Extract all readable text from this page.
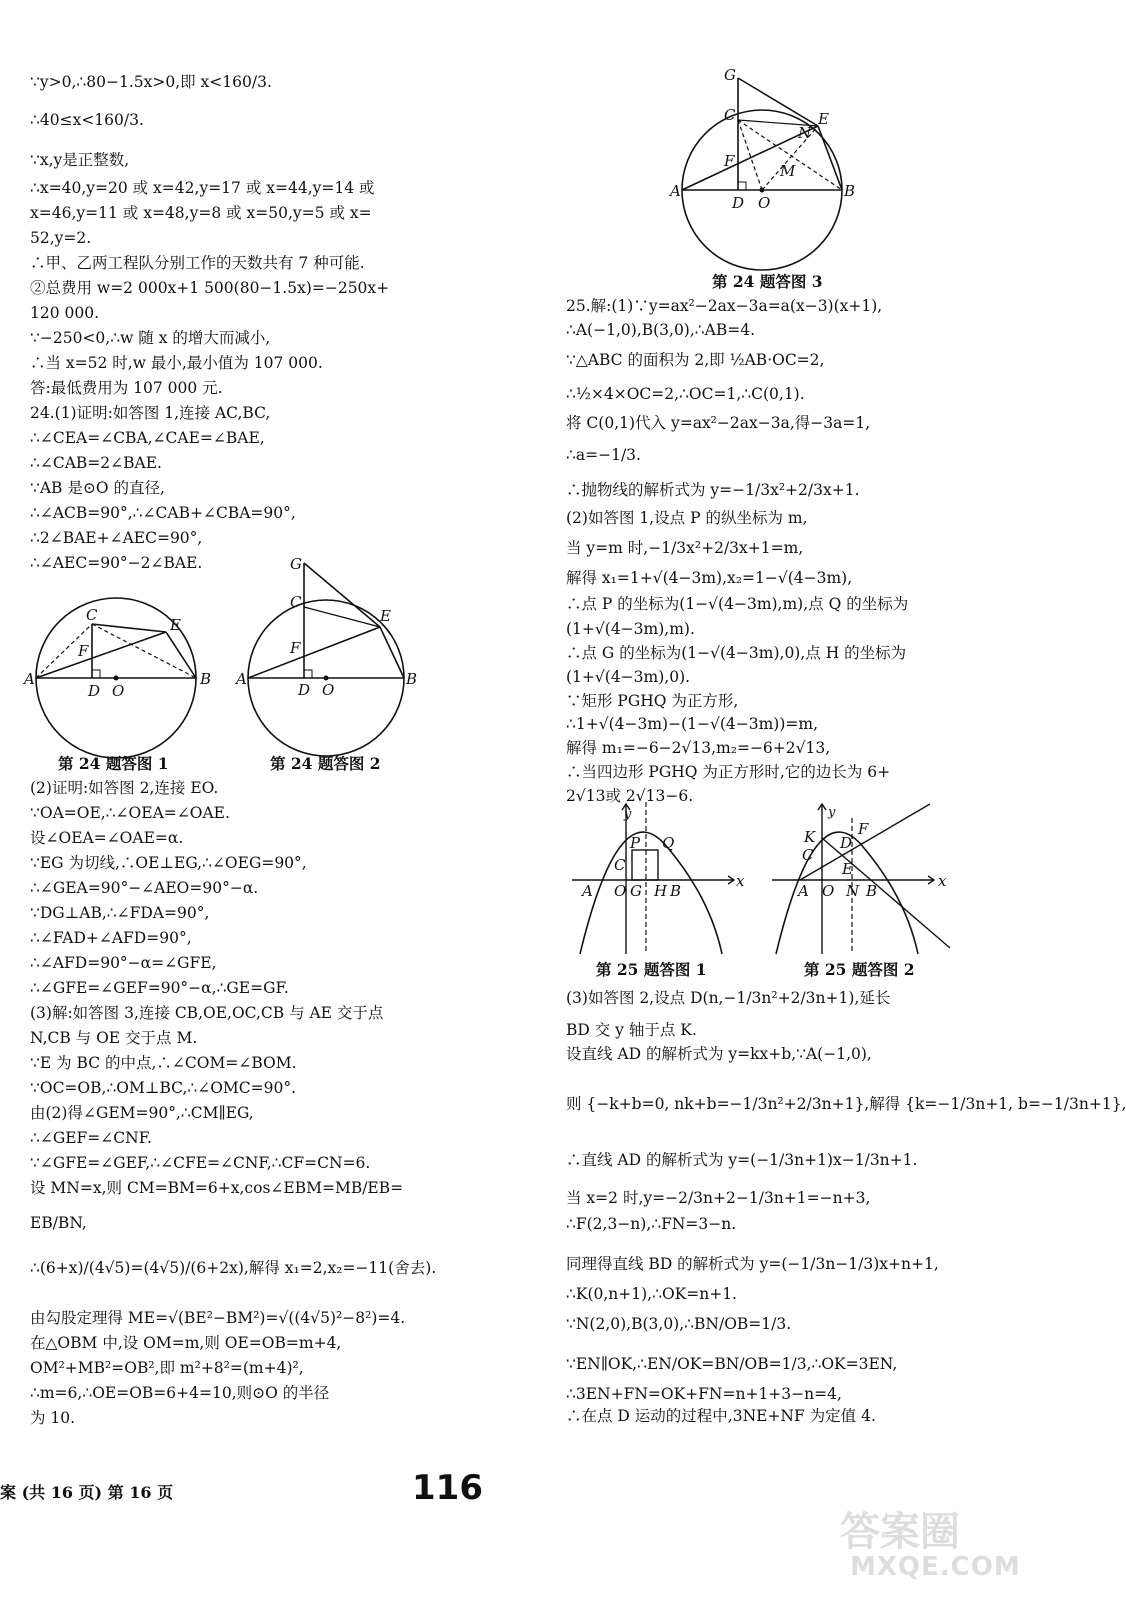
∵y>0,∴80−1.5x>0,即 x<160/3.
∴40≤x<160/3.
∵x,y是正整数,
∴x=40,y=20 或 x=42,y=17 或 x=44,y=14 或
x=46,y=11 或 x=48,y=8 或 x=50,y=5 或 x=
52,y=2.
∴甲、乙两工程队分别工作的天数共有 7 种可能.
②总费用 w=2 000x+1 500(80−1.5x)=−250x+
120 000.
∵−250<0,∴w 随 x 的增大而减小,
∴当 x=52 时,w 最小,最小值为 107 000.
答:最低费用为 107 000 元.
24.(1)证明:如答图 1,连接 AC,BC,
∴∠CEA=∠CBA,∠CAE=∠BAE,
∴∠CAB=2∠BAE.
∵AB 是⊙O 的直径,
∴∠ACB=90°,∴∠CAB+∠CBA=90°,
∴2∠BAE+∠AEC=90°,
∴∠AEC=90°−2∠BAE.
A	B
C
E
F
D O
第 24 题答图 1
G
C
E
F
A	B
D O
第 24 题答图 2
(2)证明:如答图 2,连接 EO.
∵OA=OE,∴∠OEA=∠OAE.
设∠OEA=∠OAE=α.
∵EG 为切线,∴OE⊥EG,∴∠OEG=90°,
∴∠GEA=90°−∠AEO=90°−α.
∵DG⊥AB,∴∠FDA=90°,
∴∠FAD+∠AFD=90°,
∴∠AFD=90°−α=∠GFE,
∴∠GFE=∠GEF=90°−α,∴GE=GF.
(3)解:如答图 3,连接 CB,OE,OC,CB 与 AE 交于点
N,CB 与 OE 交于点 M.
∵E 为 BC 的中点,∴∠COM=∠BOM.
∵OC=OB,∴OM⊥BC,∴∠OMC=90°.
由(2)得∠GEM=90°,∴CM∥EG,
∴∠GEF=∠CNF.
∵∠GFE=∠GEF,∴∠CFE=∠CNF,∴CF=CN=6.
设 MN=x,则 CM=BM=6+x,cos∠EBM=MB/EB=
EB/BN,
∴(6+x)/(4√5)=(4√5)/(6+2x),解得 x₁=2,x₂=−11(舍去).
由勾股定理得 ME=√(BE²−BM²)=√((4√5)²−8²)=4.
在△OBM 中,设 OM=m,则 OE=OB=m+4,
OM²+MB²=OB²,即 m²+8²=(m+4)²,
∴m=6,∴OE=OB=6+4=10,则⊙O 的半径
为 10.
G
C	E
N
F
M
A	B
D O
第 24 题答图 3
25.解:(1)∵y=ax²−2ax−3a=a(x−3)(x+1),
∴A(−1,0),B(3,0),∴AB=4.
∵△ABC 的面积为 2,即 ½AB·OC=2,
∴½×4×OC=2,∴OC=1,∴C(0,1).
将 C(0,1)代入 y=ax²−2ax−3a,得−3a=1,
∴a=−1/3.
∴抛物线的解析式为 y=−1/3x²+2/3x+1.
(2)如答图 1,设点 P 的纵坐标为 m,
当 y=m 时,−1/3x²+2/3x+1=m,
解得 x₁=1+√(4−3m),x₂=1−√(4−3m),
∴点 P 的坐标为(1−√(4−3m),m),点 Q 的坐标为
(1+√(4−3m),m).
∴点 G 的坐标为(1−√(4−3m),0),点 H 的坐标为
(1+√(4−3m),0).
∵矩形 PGHQ 为正方形,
∴1+√(4−3m)−(1−√(4−3m))=m,
解得 m₁=−6−2√13,m₂=−6+2√13,
∴当四边形 PGHQ 为正方形时,它的边长为 6+
2√13或 2√13−6.
y
x
A
C
P Q
O G H B
第 25 题答图 1
y
x
K
C
D
F
E
A O N B
第 25 题答图 2
(3)如答图 2,设点 D(n,−1/3n²+2/3n+1),延长
BD 交 y 轴于点 K.
设直线 AD 的解析式为 y=kx+b,∵A(−1,0),
则 {−k+b=0, nk+b=−1/3n²+2/3n+1},解得 {k=−1/3n+1, b=−1/3n+1},
∴直线 AD 的解析式为 y=(−1/3n+1)x−1/3n+1.
当 x=2 时,y=−2/3n+2−1/3n+1=−n+3,
∴F(2,3−n),∴FN=3−n.
同理得直线 BD 的解析式为 y=(−1/3n−1/3)x+n+1,
∴K(0,n+1),∴OK=n+1.
∵N(2,0),B(3,0),∴BN/OB=1/3.
∵EN∥OK,∴EN/OK=BN/OB=1/3,∴OK=3EN,
∴3EN+FN=OK+FN=n+1+3−n=4,
∴在点 D 运动的过程中,3NE+NF 为定值 4.
案 (共 16 页) 第 16 页	116
答案圈
MXQE.COM
